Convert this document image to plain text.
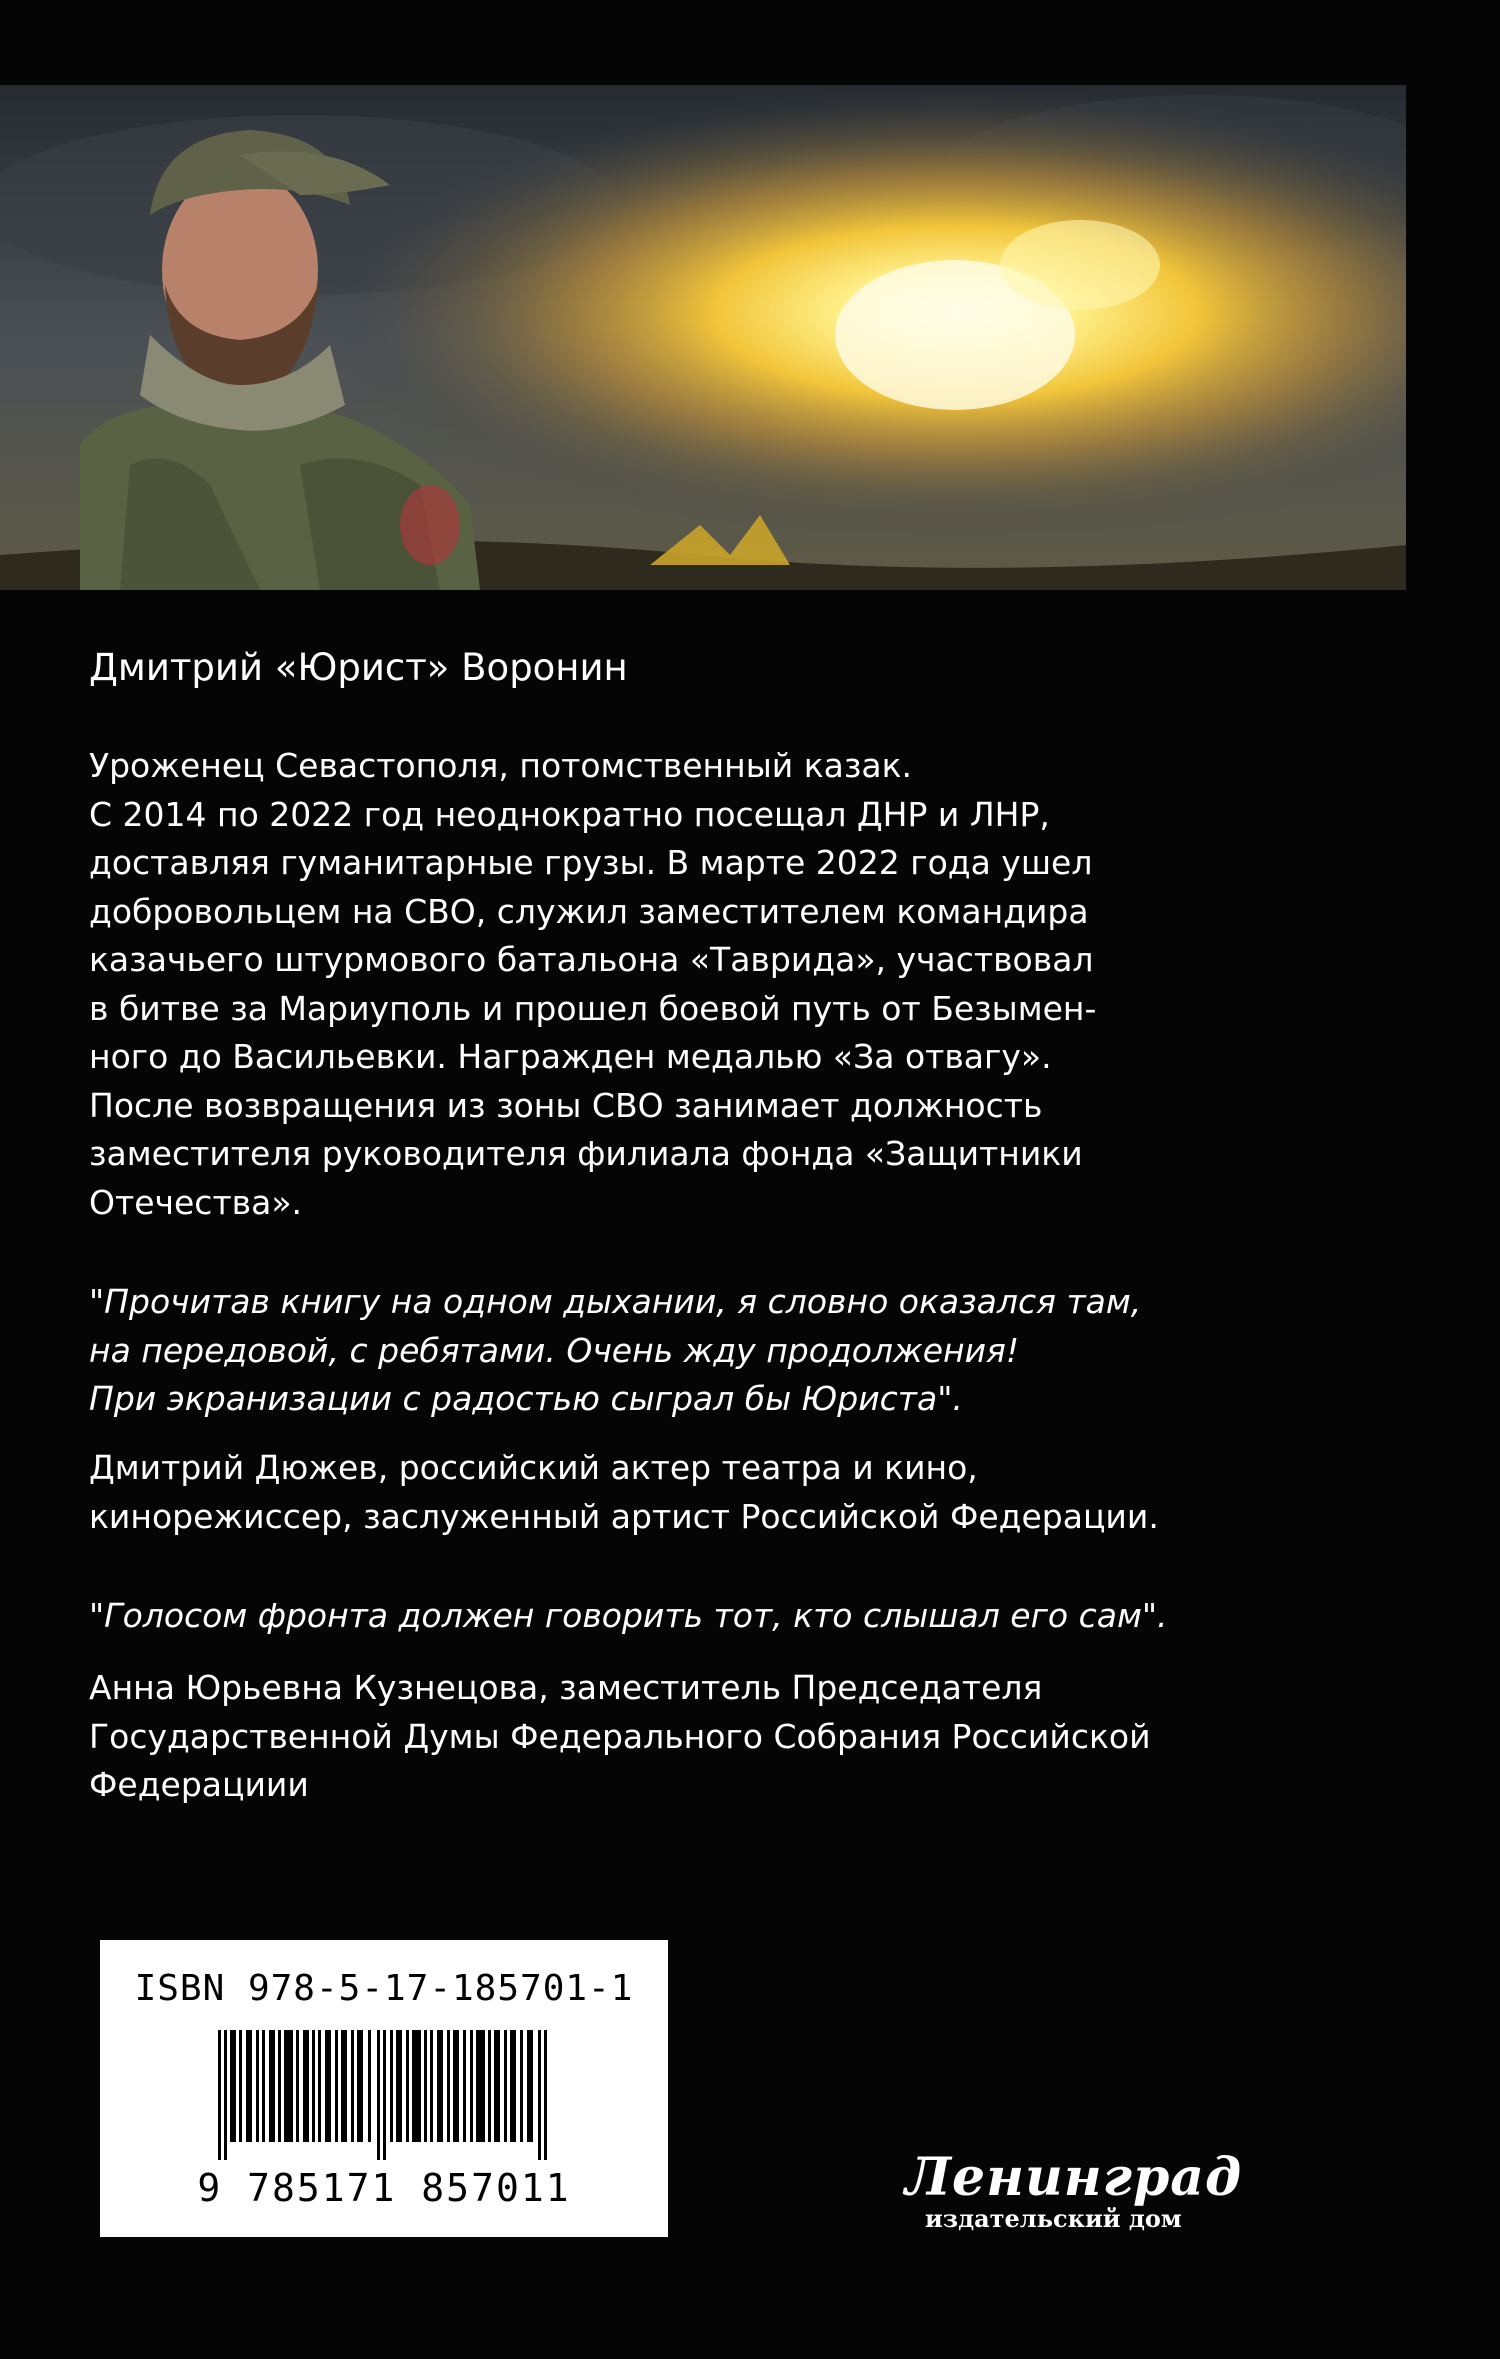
Дмитрий «Юрист» Воронин

Уроженец Севастополя, потомственный казак.
С 2014 по 2022 год неоднократно посещал ДНР и ЛНР,
доставляя гуманитарные грузы. В марте 2022 года ушел
добровольцем на СВО, служил заместителем командира
казачьего штурмового батальона «Таврида», участвовал
в битве за Мариуполь и прошел боевой путь от Безымен-
ного до Васильевки. Награжден медалью «За отвагу».
После возвращения из зоны СВО занимает должность
заместителя руководителя филиала фонда «Защитники
Отечества».

"Прочитав книгу на одном дыхании, я словно оказался там,
на передовой, с ребятами. Очень жду продолжения!
При экранизации с радостью сыграл бы Юриста".

Дмитрий Дюжев, российский актер театра и кино,
кинорежиссер, заслуженный артист Российской Федерации.

"Голосом фронта должен говорить тот, кто слышал его сам".

Анна Юрьевна Кузнецова, заместитель Председателя
Государственной Думы Федерального Собрания Российской
Федерациии

ISBN 978-5-17-185701-1
9 785171 857011	Ленинград
издательский дом
